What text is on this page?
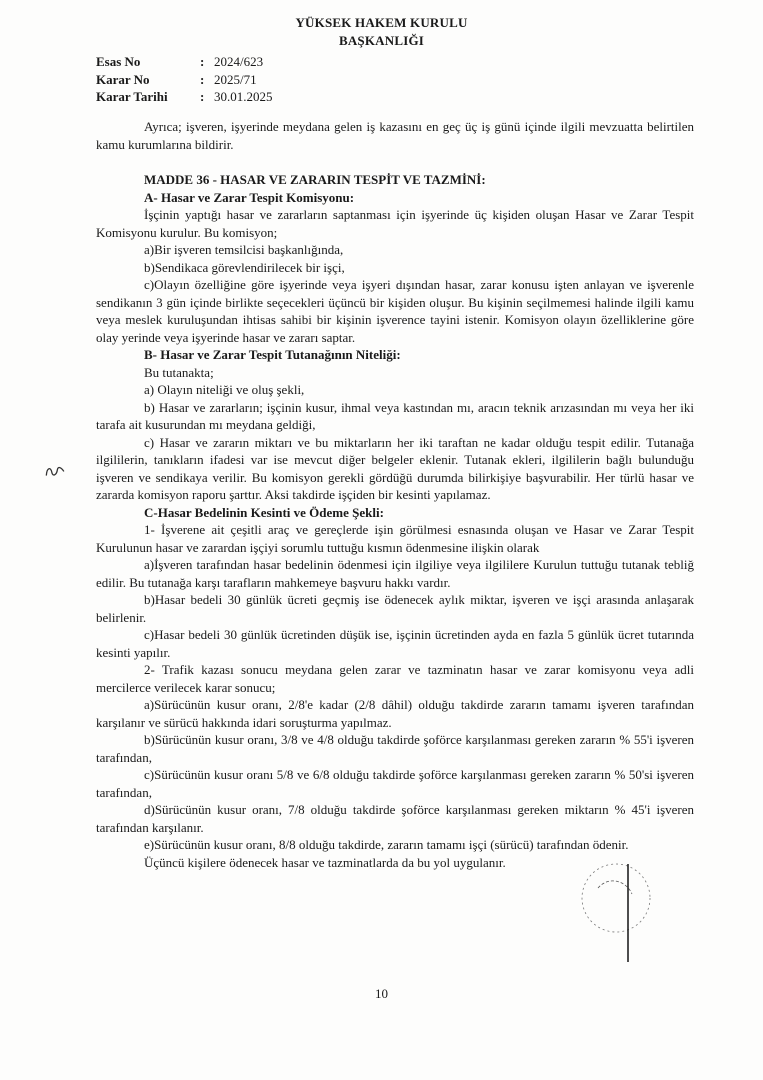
YÜKSEK HAKEM KURULU
BAŞKANLIĞI
Esas No	: 2024/623
Karar No	: 2025/71
Karar Tarihi	: 30.01.2025

Ayrıca; işveren, işyerinde meydana gelen iş kazasını en geç üç iş günü içinde ilgili mevzuatta belirtilen kamu kurumlarına bildirir.

MADDE 36 - HASAR VE ZARARIN TESPİT VE TAZMİNİ:

A- Hasar ve Zarar Tespit Komisyonu:

İşçinin yaptığı hasar ve zararların saptanması için işyerinde üç kişiden oluşan Hasar ve Zarar Tespit Komisyonu kurulur. Bu komisyon;

a)Bir işveren temsilcisi başkanlığında,

b)Sendikaca görevlendirilecek bir işçi,

c)Olayın özelliğine göre işyerinde veya işyeri dışından hasar, zarar konusu işten anlayan ve işverenle sendikanın 3 gün içinde birlikte seçecekleri üçüncü bir kişiden oluşur. Bu kişinin seçilmemesi halinde ilgili kamu veya meslek kuruluşundan ihtisas sahibi bir kişinin işverence tayini istenir. Komisyon olayın özelliklerine göre olay yerinde veya işyerinde hasar ve zararı saptar.

B- Hasar ve Zarar Tespit Tutanağının Niteliği:

Bu tutanakta;

a) Olayın niteliği ve oluş şekli,

b) Hasar ve zararların; işçinin kusur, ihmal veya kastından mı, aracın teknik arızasından mı veya her iki tarafa ait kusurundan mı meydana geldiği,

c) Hasar ve zararın miktarı ve bu miktarların her iki taraftan ne kadar olduğu tespit edilir. Tutanağa ilgililerin, tanıkların ifadesi var ise mevcut diğer belgeler eklenir. Tutanak ekleri, ilgililerin bağlı bulunduğu işveren ve sendikaya verilir. Bu komisyon gerekli gördüğü durumda bilirkişiye başvurabilir. Her türlü hasar ve zararda komisyon raporu şarttır. Aksi takdirde işçiden bir kesinti yapılamaz.

C-Hasar Bedelinin Kesinti ve Ödeme Şekli:

1- İşverene ait çeşitli araç ve gereçlerde işin görülmesi esnasında oluşan ve Hasar ve Zarar Tespit Kurulunun hasar ve zarardan işçiyi sorumlu tuttuğu kısmın ödenmesine ilişkin olarak

a)İşveren tarafından hasar bedelinin ödenmesi için ilgiliye veya ilgililere Kurulun tuttuğu tutanak tebliğ edilir. Bu tutanağa karşı tarafların mahkemeye başvuru hakkı vardır.

b)Hasar bedeli 30 günlük ücreti geçmiş ise ödenecek aylık miktar, işveren ve işçi arasında anlaşarak belirlenir.

c)Hasar bedeli 30 günlük ücretinden düşük ise, işçinin ücretinden ayda en fazla 5 günlük ücret tutarında kesinti yapılır.

2- Trafik kazası sonucu meydana gelen zarar ve tazminatın hasar ve zarar komisyonu veya adli mercilerce verilecek karar sonucu;

a)Sürücünün kusur oranı, 2/8'e kadar (2/8 dâhil) olduğu takdirde zararın tamamı işveren tarafından karşılanır ve sürücü hakkında idari soruşturma yapılmaz.

b)Sürücünün kusur oranı, 3/8 ve 4/8 olduğu takdirde şoförce karşılanması gereken zararın % 55'i işveren tarafından,

c)Sürücünün kusur oranı 5/8 ve 6/8 olduğu takdirde şoförce karşılanması gereken zararın % 50'si işveren tarafından,

d)Sürücünün kusur oranı, 7/8 olduğu takdirde şoförce karşılanması gereken miktarın % 45'i işveren tarafından karşılanır.

e)Sürücünün kusur oranı, 8/8 olduğu takdirde, zararın tamamı işçi (sürücü) tarafından ödenir.

Üçüncü kişilere ödenecek hasar ve tazminatlarda da bu yol uygulanır.

10
